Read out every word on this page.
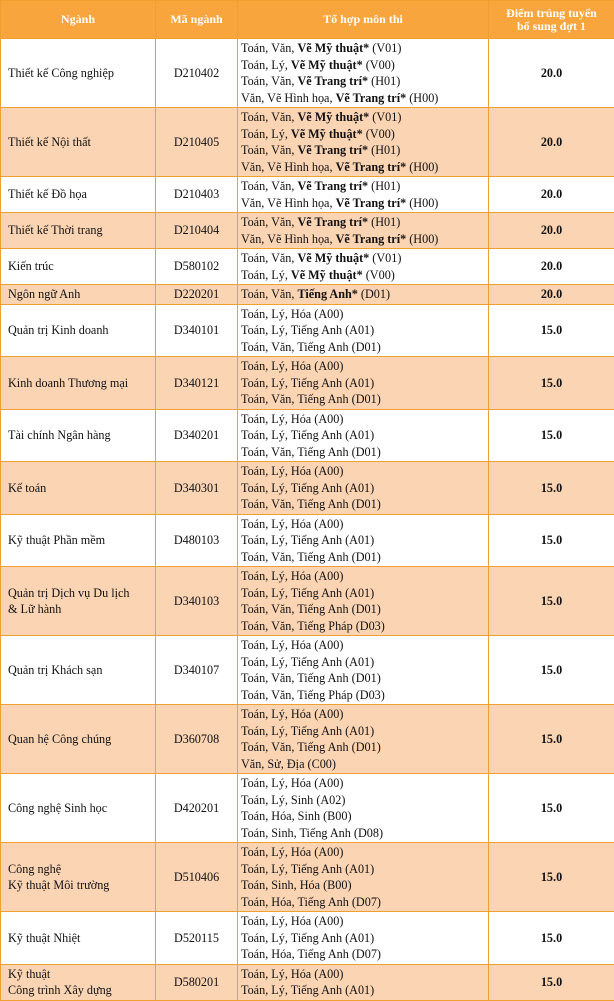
Ngành	Mã ngành	Tổ hợp môn thi	Điểm trúng tuyển
bổ sung đợt 1

Thiết kế Công nghiệp	D210402	Toán, Văn, Vẽ Mỹ thuật* (V01)
Toán, Lý, Vẽ Mỹ thuật* (V00)
Toán, Văn, Vẽ Trang trí* (H01)
Văn, Vẽ Hình họa, Vẽ Trang trí* (H00)	20.0

Thiết kế Nội thất	D210405	Toán, Văn, Vẽ Mỹ thuật* (V01)
Toán, Lý, Vẽ Mỹ thuật* (V00)
Toán, Văn, Vẽ Trang trí* (H01)
Văn, Vẽ Hình họa, Vẽ Trang trí* (H00)	20.0

Thiết kế Đồ họa	D210403	Toán, Văn, Vẽ Trang trí* (H01)
Văn, Vẽ Hình họa, Vẽ Trang trí* (H00)	20.0

Thiết kế Thời trang	D210404	Toán, Văn, Vẽ Trang trí* (H01)
Văn, Vẽ Hình họa, Vẽ Trang trí* (H00)	20.0

Kiến trúc	D580102	Toán, Văn, Vẽ Mỹ thuật* (V01)
Toán, Lý, Vẽ Mỹ thuật* (V00)	20.0

Ngôn ngữ Anh	D220201	Toán, Văn, Tiếng Anh* (D01)	20.0

Quản trị Kinh doanh	D340101	Toán, Lý, Hóa (A00)
Toán, Lý, Tiếng Anh (A01)
Toán, Văn, Tiếng Anh (D01)	15.0

Kinh doanh Thương mại	D340121	Toán, Lý, Hóa (A00)
Toán, Lý, Tiếng Anh (A01)
Toán, Văn, Tiếng Anh (D01)	15.0

Tài chính Ngân hàng	D340201	Toán, Lý, Hóa (A00)
Toán, Lý, Tiếng Anh (A01)
Toán, Văn, Tiếng Anh (D01)	15.0

Kế toán	D340301	Toán, Lý, Hóa (A00)
Toán, Lý, Tiếng Anh (A01)
Toán, Văn, Tiếng Anh (D01)	15.0

Kỹ thuật Phần mềm	D480103	Toán, Lý, Hóa (A00)
Toán, Lý, Tiếng Anh (A01)
Toán, Văn, Tiếng Anh (D01)	15.0

Quản trị Dịch vụ Du lịch
& Lữ hành	D340103	Toán, Lý, Hóa (A00)
Toán, Lý, Tiếng Anh (A01)
Toán, Văn, Tiếng Anh (D01)
Toán, Văn, Tiếng Pháp (D03)	15.0

Quản trị Khách sạn	D340107	Toán, Lý, Hóa (A00)
Toán, Lý, Tiếng Anh (A01)
Toán, Văn, Tiếng Anh (D01)
Toán, Văn, Tiếng Pháp (D03)	15.0

Quan hệ Công chúng	D360708	Toán, Lý, Hóa (A00)
Toán, Lý, Tiếng Anh (A01)
Toán, Văn, Tiếng Anh (D01)
Văn, Sử, Địa (C00)	15.0

Công nghệ Sinh học	D420201	Toán, Lý, Hóa (A00)
Toán, Lý, Sinh (A02)
Toán, Hóa, Sinh (B00)
Toán, Sinh, Tiếng Anh (D08)	15.0

Công nghệ
Kỹ thuật Môi trường	D510406	Toán, Lý, Hóa (A00)
Toán, Lý, Tiếng Anh (A01)
Toán, Sinh, Hóa (B00)
Toán, Hóa, Tiếng Anh (D07)	15.0

Kỹ thuật Nhiệt	D520115	Toán, Lý, Hóa (A00)
Toán, Lý, Tiếng Anh (A01)
Toán, Hóa, Tiếng Anh (D07)	15.0

Kỹ thuật
Công trình Xây dựng	D580201	Toán, Lý, Hóa (A00)
Toán, Lý, Tiếng Anh (A01)	15.0
